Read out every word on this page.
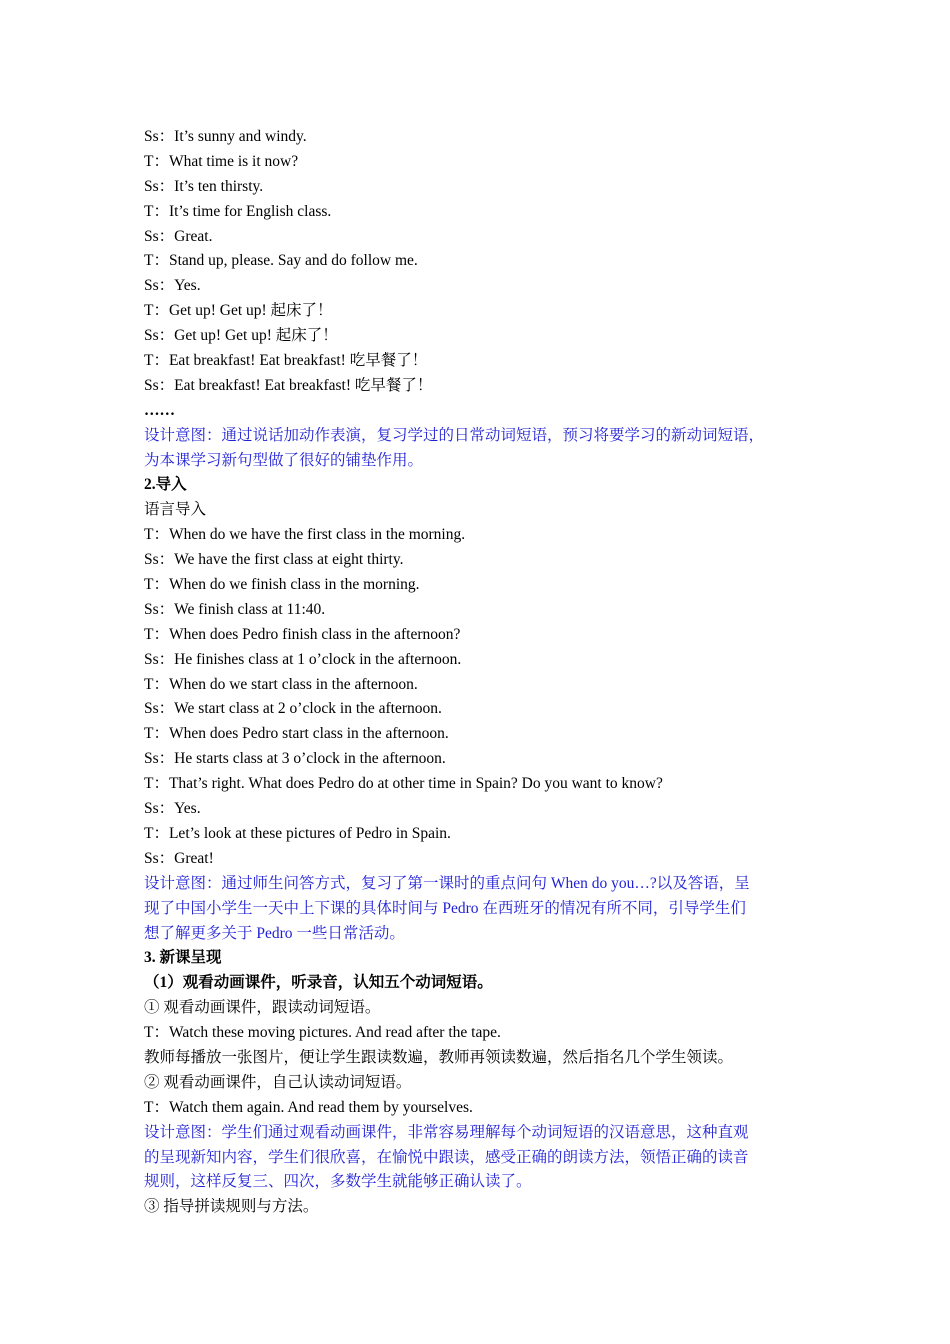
Ss：It’s sunny and windy.
T：What time is it now?
Ss：It’s ten thirsty.
T：It’s time for English class.
Ss：Great.
T：Stand up, please. Say and do follow me.
Ss：Yes.
T：Get up! Get up! 起床了！
Ss：Get up! Get up! 起床了！
T：Eat breakfast! Eat breakfast! 吃早餐了！
Ss：Eat breakfast! Eat breakfast! 吃早餐了！
……
设计意图：通过说话加动作表演，复习学过的日常动词短语，预习将要学习的新动词短语，
为本课学习新句型做了很好的铺垫作用。
2.导入
语言导入
T：When do we have the first class in the morning.
Ss：We have the first class at eight thirty.
T：When do we finish class in the morning.
Ss：We finish class at 11:40.
T：When does Pedro finish class in the afternoon?
Ss：He finishes class at 1 o’clock in the afternoon.
T：When do we start class in the afternoon.
Ss：We start class at 2 o’clock in the afternoon.
T：When does Pedro start class in the afternoon.
Ss：He starts class at 3 o’clock in the afternoon.
T：That’s right. What does Pedro do at other time in Spain? Do you want to know?
Ss：Yes.
T：Let’s look at these pictures of Pedro in Spain.
Ss：Great!
设计意图：通过师生问答方式，复习了第一课时的重点问句 When do you…?以及答语，呈
现了中国小学生一天中上下课的具体时间与 Pedro 在西班牙的情况有所不同，引导学生们
想了解更多关于 Pedro 一些日常活动。
3. 新课呈现
（1）观看动画课件，听录音，认知五个动词短语。
① 观看动画课件，跟读动词短语。
T：Watch these moving pictures. And read after the tape.
教师每播放一张图片，便让学生跟读数遍，教师再领读数遍，然后指名几个学生领读。
② 观看动画课件，自己认读动词短语。
T：Watch them again. And read them by yourselves.
设计意图：学生们通过观看动画课件，非常容易理解每个动词短语的汉语意思，这种直观
的呈现新知内容，学生们很欣喜，在愉悦中跟读，感受正确的朗读方法，领悟正确的读音
规则，这样反复三、四次，多数学生就能够正确认读了。
③ 指导拼读规则与方法。
